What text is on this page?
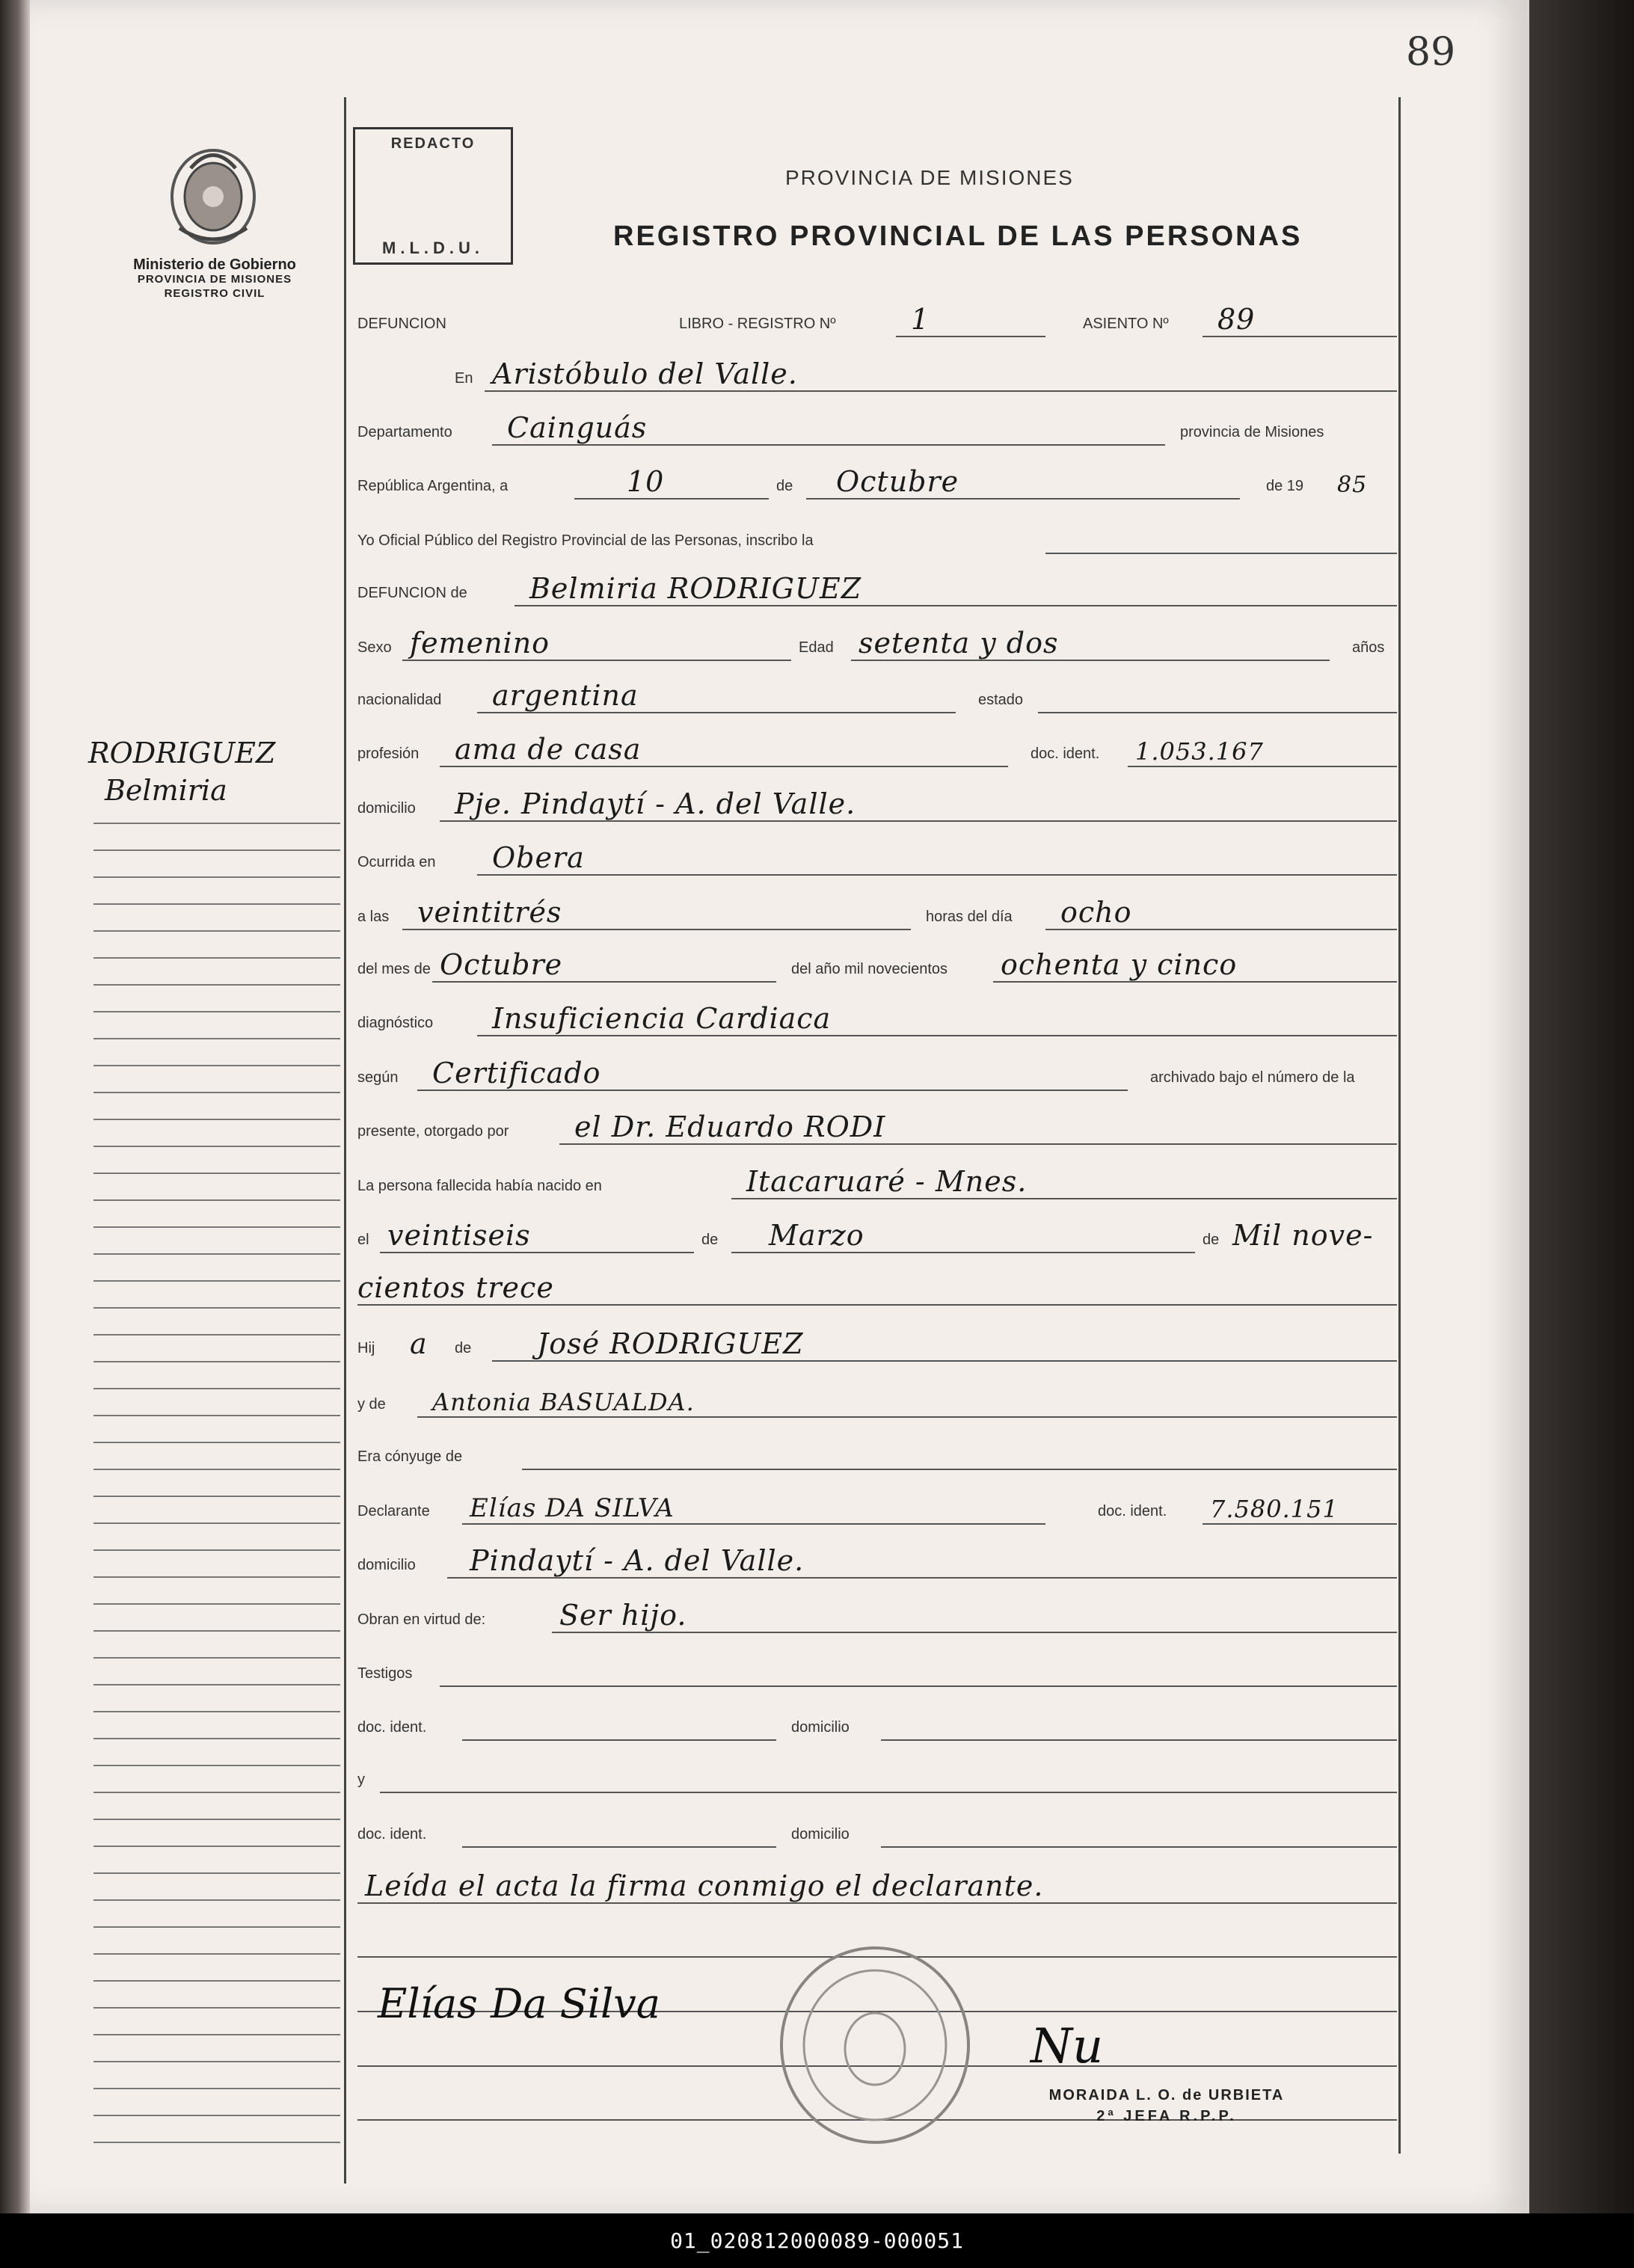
89
Ministerio de Gobierno
PROVINCIA DE MISIONES
REGISTRO CIVIL
REDACTO
M.L.D.U.
PROVINCIA DE MISIONES
REGISTRO PROVINCIAL DE LAS PERSONAS
RODRIGUEZ
Belmiria
DEFUNCION	LIBRO - REGISTRO Nº	1	ASIENTO Nº 89
En Aristóbulo del Valle.
Departamento Cainguás	provincia de Misiones
República Argentina, a	10	de Octubre	de 19 85
Yo Oficial Público del Registro Provincial de las Personas, inscribo la
DEFUNCION de Belmiria RODRIGUEZ
Sexo femenino	Edad setenta y dos	años
nacionalidad argentina	estado
profesión ama de casa	doc. ident. 1.053.167
domicilio Pje. Pindaytí - A. del Valle.
Ocurrida en Obera
a las veintitrés	horas del día ocho
del mes de Octubre	del año mil novecientos ochenta y cinco
diagnóstico Insuficiencia Cardiaca
según Certificado	archivado bajo el número de la
presente, otorgado por el Dr. Eduardo RODI
La persona fallecida había nacido en	Itacaruaré - Mnes.
el veintiseis	de Marzo	de Mil nove-
cientos trece
Hij a de José RODRIGUEZ
y de Antonia BASUALDA.
Era cónyuge de
Declarante Elías DA SILVA	doc. ident. 7.580.151
domicilio Pindaytí - A. del Valle.
Obran en virtud de:	Ser hijo.
Testigos
doc. ident.	domicilio
y
doc. ident.	domicilio
Leída el acta la firma conmigo el declarante.
Elías Da Silva
Nu
MORAIDA L. O. de URBIETA
2ª JEFA R.P.P.
01_020812000089-000051
